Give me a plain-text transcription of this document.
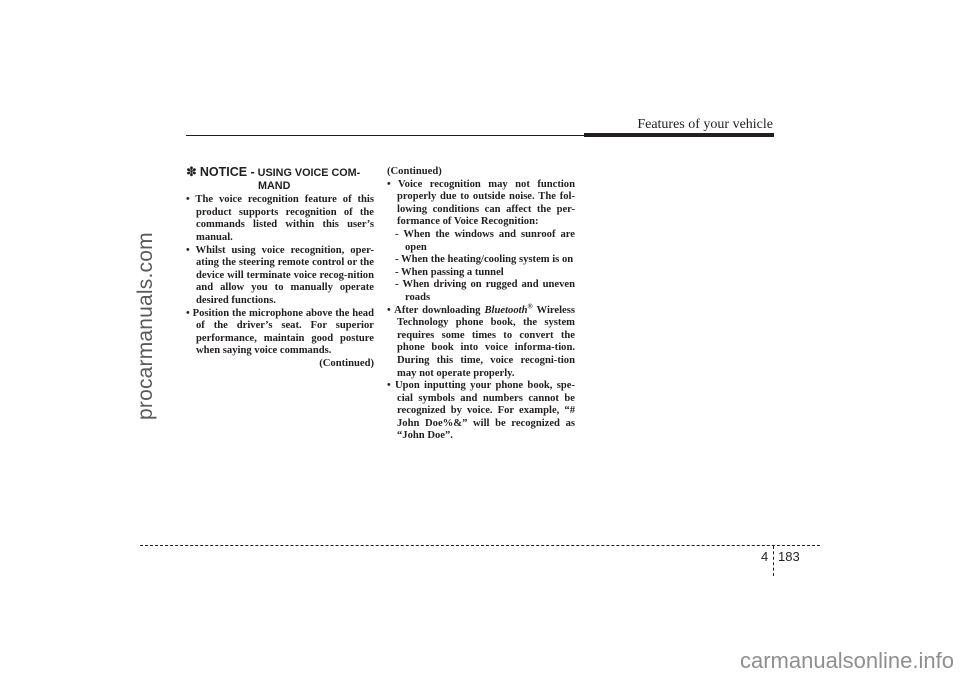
procarmanuals.com
Features of your vehicle
✽ NOTICE - USING VOICE COM-
MAND

• The voice recognition feature of this product supports recognition of the commands listed within this user’s manual.

• Whilst using voice recognition, oper-ating the steering remote control or the device will terminate voice recog-nition and allow you to manually operate desired functions.

• Position the microphone above the head of the driver’s seat. For superior performance, maintain good posture when saying voice commands.

(Continued)

(Continued)

• Voice recognition may not function properly due to outside noise. The fol-lowing conditions can affect the per-formance of Voice Recognition:

- When the windows and sunroof are open

- When the heating/cooling system is on

- When passing a tunnel

- When driving on rugged and uneven roads

• After downloading Bluetooth® Wireless Technology phone book, the system requires some times to convert the phone book into voice informa-tion. During this time, voice recogni-tion may not operate properly.

• Upon inputting your phone book, spe-cial symbols and numbers cannot be recognized by voice. For example, “# John Doe%&” will be recognized as “John Doe”.

4 183
carmanualsonline.info
